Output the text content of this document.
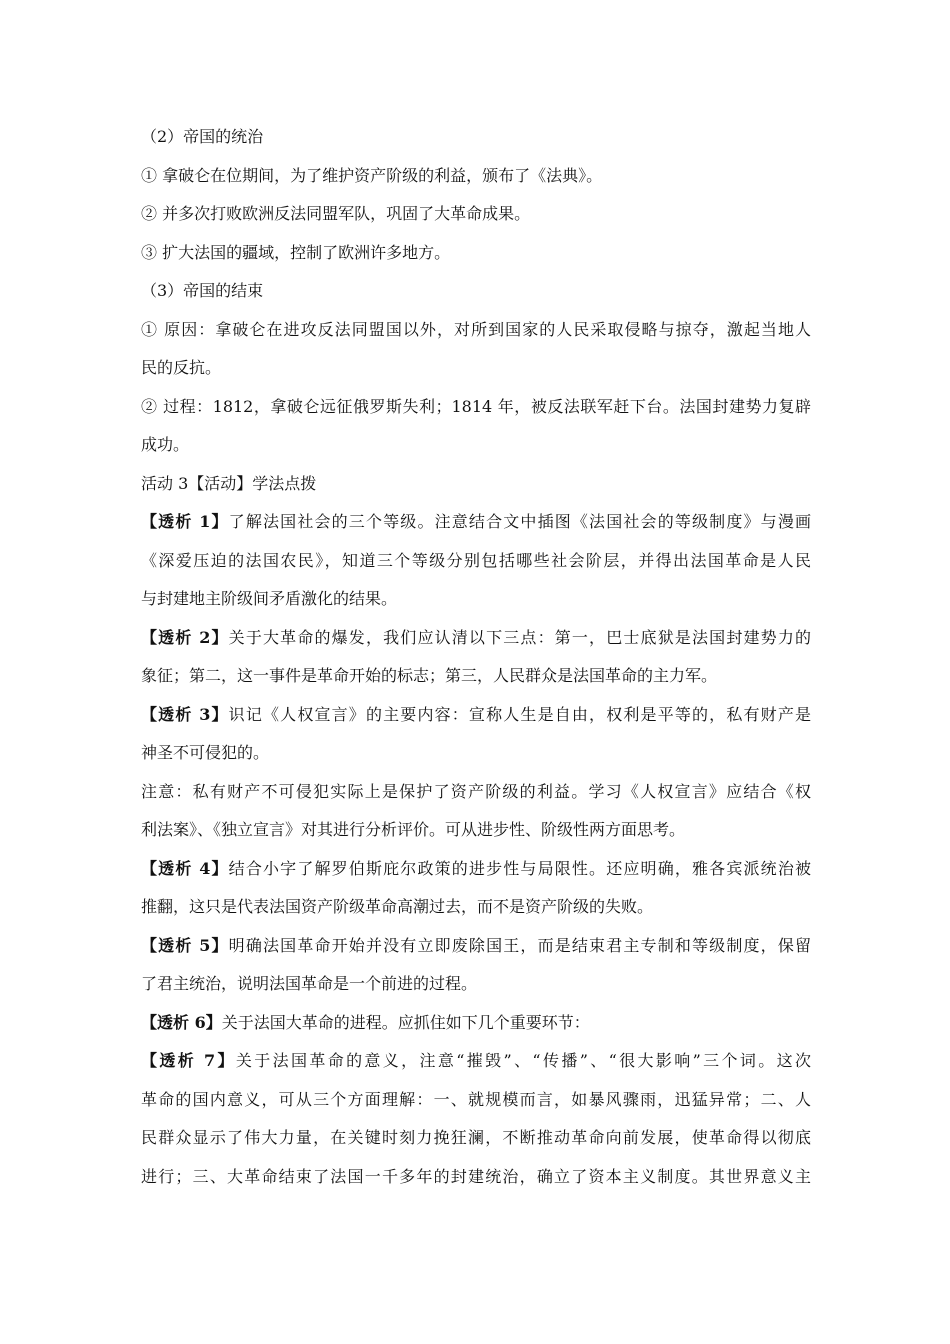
（2）帝国的统治
① 拿破仑在位期间，为了维护资产阶级的利益，颁布了《法典》。
② 并多次打败欧洲反法同盟军队，巩固了大革命成果。
③ 扩大法国的疆域，控制了欧洲许多地方。
（3）帝国的结束
① 原因：拿破仑在进攻反法同盟国以外，对所到国家的人民采取侵略与掠夺，激起当地人
民的反抗。
② 过程：1812，拿破仑远征俄罗斯失利；1814 年，被反法联军赶下台。法国封建势力复辟
成功。
活动 3【活动】学法点拨
【透析 1】了解法国社会的三个等级。注意结合文中插图《法国社会的等级制度》与漫画
《深爱压迫的法国农民》，知道三个等级分别包括哪些社会阶层，并得出法国革命是人民
与封建地主阶级间矛盾激化的结果。
【透析 2】关于大革命的爆发，我们应认清以下三点：第一，巴士底狱是法国封建势力的
象征；第二，这一事件是革命开始的标志；第三，人民群众是法国革命的主力军。
【透析 3】识记《人权宣言》的主要内容：宣称人生是自由，权利是平等的，私有财产是
神圣不可侵犯的。
注意：私有财产不可侵犯实际上是保护了资产阶级的利益。学习《人权宣言》应结合《权
利法案》、《独立宣言》对其进行分析评价。可从进步性、阶级性两方面思考。
【透析 4】结合小字了解罗伯斯庇尔政策的进步性与局限性。还应明确，雅各宾派统治被
推翻，这只是代表法国资产阶级革命高潮过去，而不是资产阶级的失败。
【透析 5】明确法国革命开始并没有立即废除国王，而是结束君主专制和等级制度，保留
了君主统治，说明法国革命是一个前进的过程。
【透析 6】关于法国大革命的进程。应抓住如下几个重要环节：
【透析 7】关于法国革命的意义，注意“摧毁”、“传播”、“很大影响”三个词。这次
革命的国内意义，可从三个方面理解：一、就规模而言，如暴风骤雨，迅猛异常；二、人
民群众显示了伟大力量，在关键时刻力挽狂澜，不断推动革命向前发展，使革命得以彻底
进行；三、大革命结束了法国一千多年的封建统治，确立了资本主义制度。其世界意义主
